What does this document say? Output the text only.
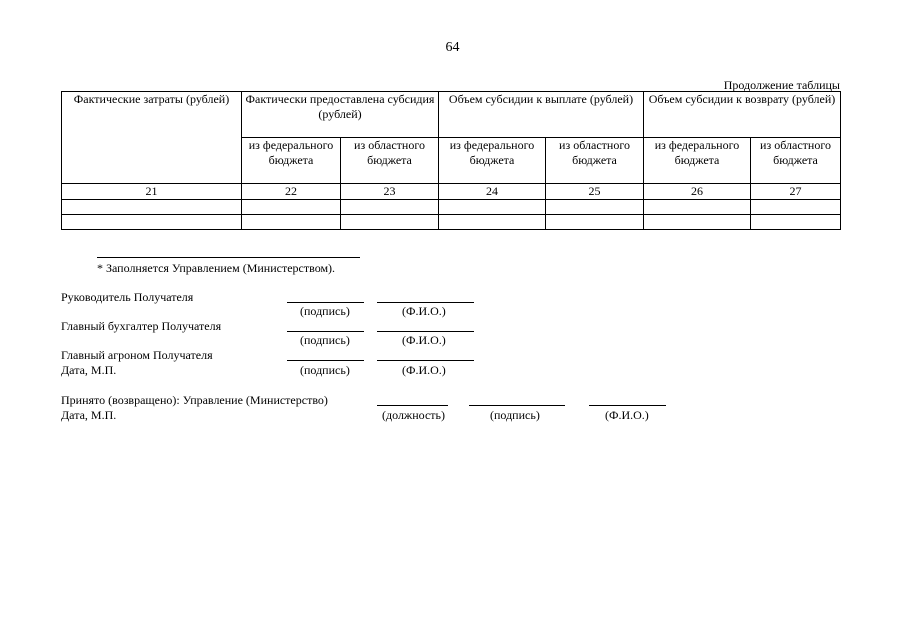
64
Продолжение таблицы
Фактические затраты (рублей)	Фактически предоставлена субсидия (рублей)		Объем субсидии к выплате (рублей)		Объем субсидии к возврату (рублей)	
	из федерального бюджета	из областного бюджета	из федерального бюджета	из областного бюджета	из федерального бюджета	из областного бюджета
21	22	23	24	25	26	27

* Заполняется Управлением (Министерством).
Руководитель Получателя
(подпись)	(Ф.И.О.)
Главный бухгалтер Получателя
(подпись)	(Ф.И.О.)
Главный агроном Получателя
Дата, М.П.	(подпись)	(Ф.И.О.)
Принято (возвращено): Управление (Министерство)
Дата, М.П.	(должность)	(подпись)	(Ф.И.О.)
